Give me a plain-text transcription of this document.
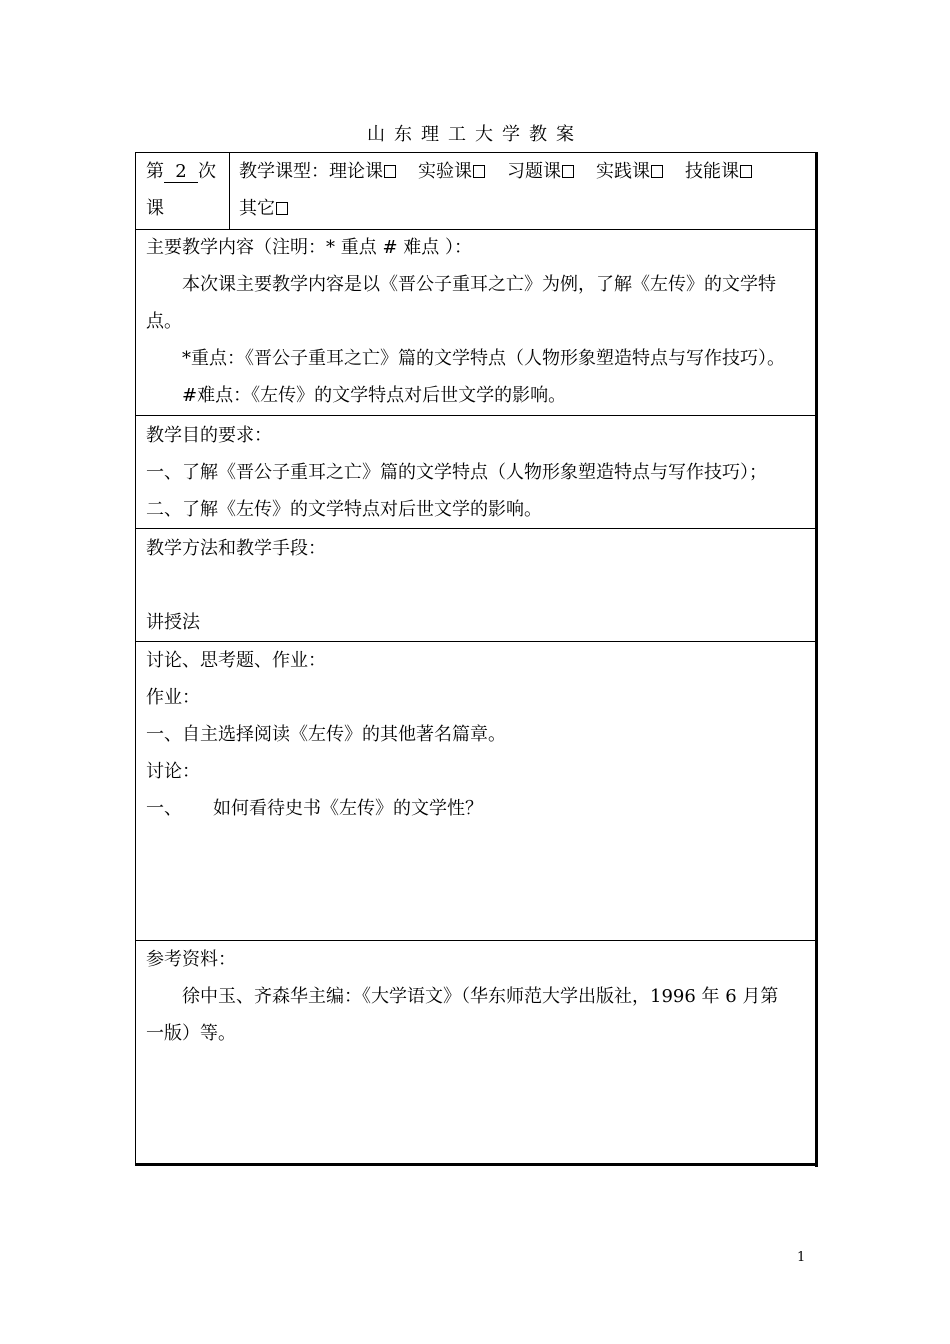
山东理工大学教案
第 2 次
课
教学课型：理论课 实验课 习题课 实践课 技能课
其它
主要教学内容（注明：* 重点 # 难点 ）：
本次课主要教学内容是以《晋公子重耳之亡》为例，了解《左传》的文学特
点。
*重点：《晋公子重耳之亡》篇的文学特点（人物形象塑造特点与写作技巧）。
#难点：《左传》的文学特点对后世文学的影响。
教学目的要求：
一、了解《晋公子重耳之亡》篇的文学特点（人物形象塑造特点与写作技巧）；
二、了解《左传》的文学特点对后世文学的影响。
教学方法和教学手段：
讲授法
讨论、思考题、作业：
作业：
一、自主选择阅读《左传》的其他著名篇章。
讨论：
一、 如何看待史书《左传》的文学性？
参考资料：
徐中玉、齐森华主编：《大学语文》（华东师范大学出版社，1996 年 6 月第
一版）等。
1
